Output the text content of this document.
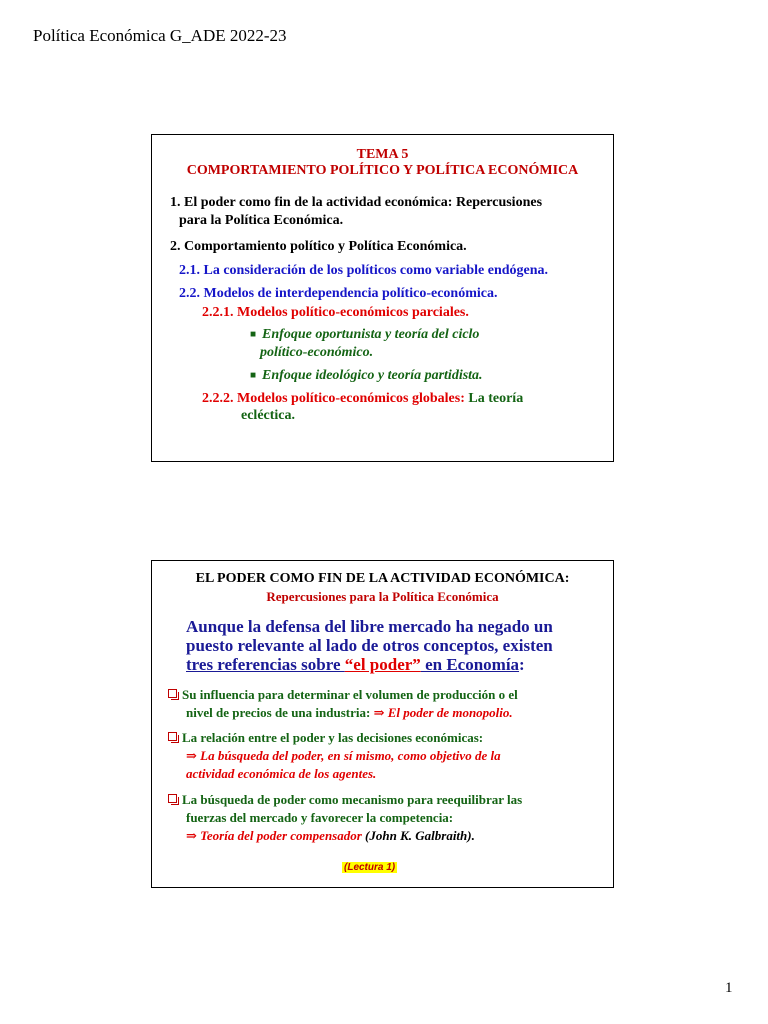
Política Económica G_ADE 2022-23
TEMA 5
COMPORTAMIENTO POLÍTICO Y POLÍTICA ECONÓMICA
1. El poder como fin de la actividad económica: Repercusiones
para la Política Económica.
2. Comportamiento político y Política Económica.
2.1. La consideración de los políticos como variable endógena.
2.2. Modelos de interdependencia político-económica.
2.2.1. Modelos político-económicos parciales.
■ Enfoque oportunista y teoría del ciclo
político-económico.
■ Enfoque ideológico y teoría partidista.
2.2.2. Modelos político-económicos globales: La teoría
ecléctica.
EL PODER COMO FIN DE LA ACTIVIDAD ECONÓMICA:
Repercusiones para la Política Económica
Aunque la defensa del libre mercado ha negado un
puesto relevante al lado de otros conceptos, existen
tres referencias sobre “el poder” en Economía:
Su influencia para determinar el volumen de producción o el
nivel de precios de una industria: ⇒ El poder de monopolio.
La relación entre el poder y las decisiones económicas:
⇒ La búsqueda del poder, en sí mismo, como objetivo de la
actividad económica de los agentes.
La búsqueda de poder como mecanismo para reequilibrar las
fuerzas del mercado y favorecer la competencia:
⇒ Teoría del poder compensador (John K. Galbraith).
(Lectura 1)
1
